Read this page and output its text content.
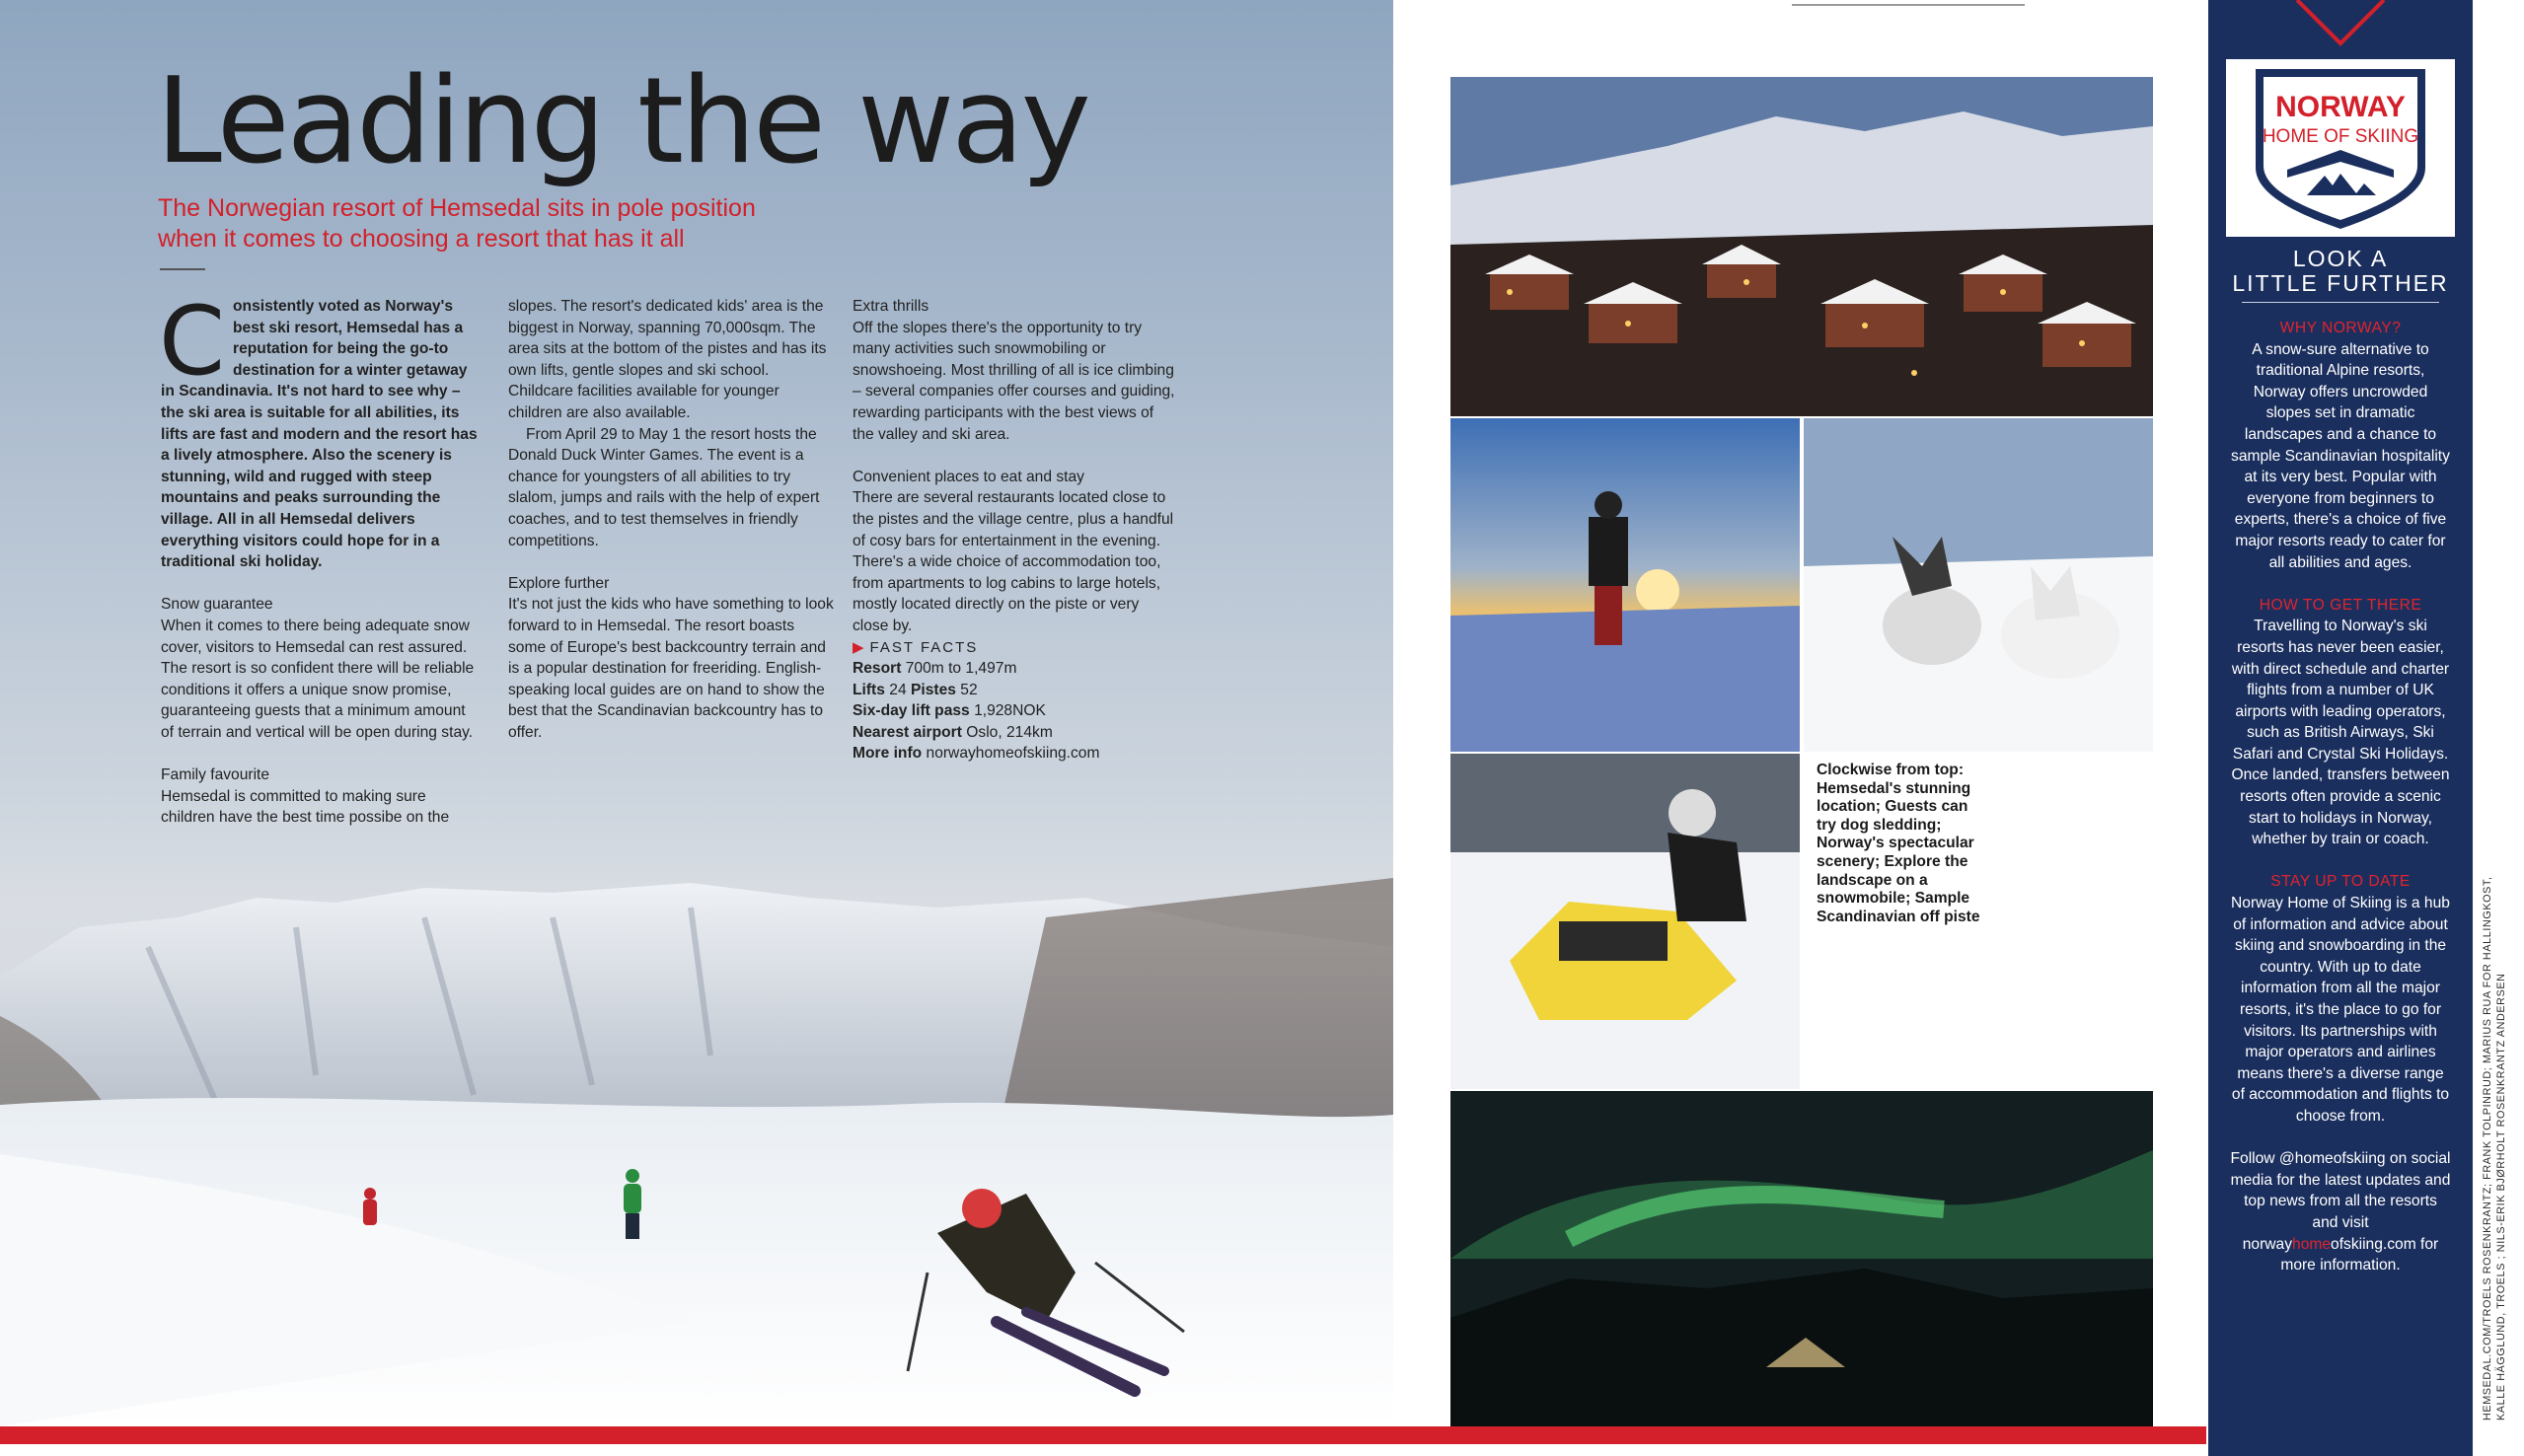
Leading the way
The Norwegian resort of Hemsedal sits in pole position
when it comes to choosing a resort that has it all

Consistently voted as Norway's best ski resort, Hemsedal has a reputation for being the go-to destination for a winter getaway in Scandinavia. It's not hard to see why – the ski area is suitable for all abilities, its lifts are fast and modern and the resort has a lively atmosphere. Also the scenery is stunning, wild and rugged with steep mountains and peaks surrounding the village. All in all Hemsedal delivers everything visitors could hope for in a traditional ski holiday.

Snow guarantee

When it comes to there being adequate snow cover, visitors to Hemsedal can rest assured. The resort is so confident there will be reliable conditions it offers a unique snow promise, guaranteeing guests that a minimum amount of terrain and vertical will be open during stay.

Family favourite

Hemsedal is committed to making sure children have the best time possibe on the

slopes. The resort's dedicated kids' area is the biggest in Norway, spanning 70,000sqm. The area sits at the bottom of the pistes and has its own lifts, gentle slopes and ski school. Childcare facilities available for younger children are also available.

From April 29 to May 1 the resort hosts the Donald Duck Winter Games. The event is a chance for youngsters of all abilities to try slalom, jumps and rails with the help of expert coaches, and to test themselves in friendly competitions.

Explore further

It's not just the kids who have something to look forward to in Hemsedal. The resort boasts some of Europe's best backcountry terrain and is a popular destination for freeriding. English-speaking local guides are on hand to show the best that the Scandinavian backcountry has to offer.

Extra thrills

Off the slopes there's the opportunity to try many activities such snowmobiling or snowshoeing. Most thrilling of all is ice climbing – several companies offer courses and guiding, rewarding participants with the best views of the valley and ski area.

Convenient places to eat and stay

There are several restaurants located close to the pistes and the village centre, plus a handful of cosy bars for entertainment in the evening. There's a wide choice of accommodation too, from apartments to log cabins to large hotels, mostly located directly on the piste or very close by.

▶ FAST FACTS

Resort 700m to 1,497m

Lifts 24 Pistes 52

Six-day lift pass 1,928NOK

Nearest airport Oslo, 214km

More info norwayhomeofskiing.com

Clockwise from top: Hemsedal's stunning location; Guests can try dog sledding; Norway's spectacular scenery; Explore the landscape on a snowmobile; Sample Scandinavian off piste
NORWAY
HOME OF SKIING
LOOK A
LITTLE FURTHER

WHY NORWAY?

A snow-sure alternative to traditional Alpine resorts, Norway offers uncrowded slopes set in dramatic landscapes and a chance to sample Scandinavian hospitality at its very best. Popular with everyone from beginners to experts, there's a choice of five major resorts ready to cater for all abilities and ages.

HOW TO GET THERE

Travelling to Norway's ski resorts has never been easier, with direct schedule and charter flights from a number of UK airports with leading operators, such as British Airways, Ski Safari and Crystal Ski Holidays. Once landed, transfers between resorts often provide a scenic start to holidays in Norway, whether by train or coach.

STAY UP TO DATE

Norway Home of Skiing is a hub of information and advice about skiing and snowboarding in the country. With up to date information from all the major resorts, it's the place to go for visitors. Its partnerships with major operators and airlines means there's a diverse range of accommodation and flights to choose from.

Follow @homeofskiing on social media for the latest updates and top news from all the resorts and visit norwayhomeofskiing.com for more information.	HEMSEDAL.COM/TROELS ROSENKRANTZ; FRANK TOLPINRUD; MARIUS RUA FOR HALLINGKOST, KALLE HÄGGLUND, TROELS ; NILS-ERIK BJØRHOLT ROSENKRANTZ ANDERSEN
